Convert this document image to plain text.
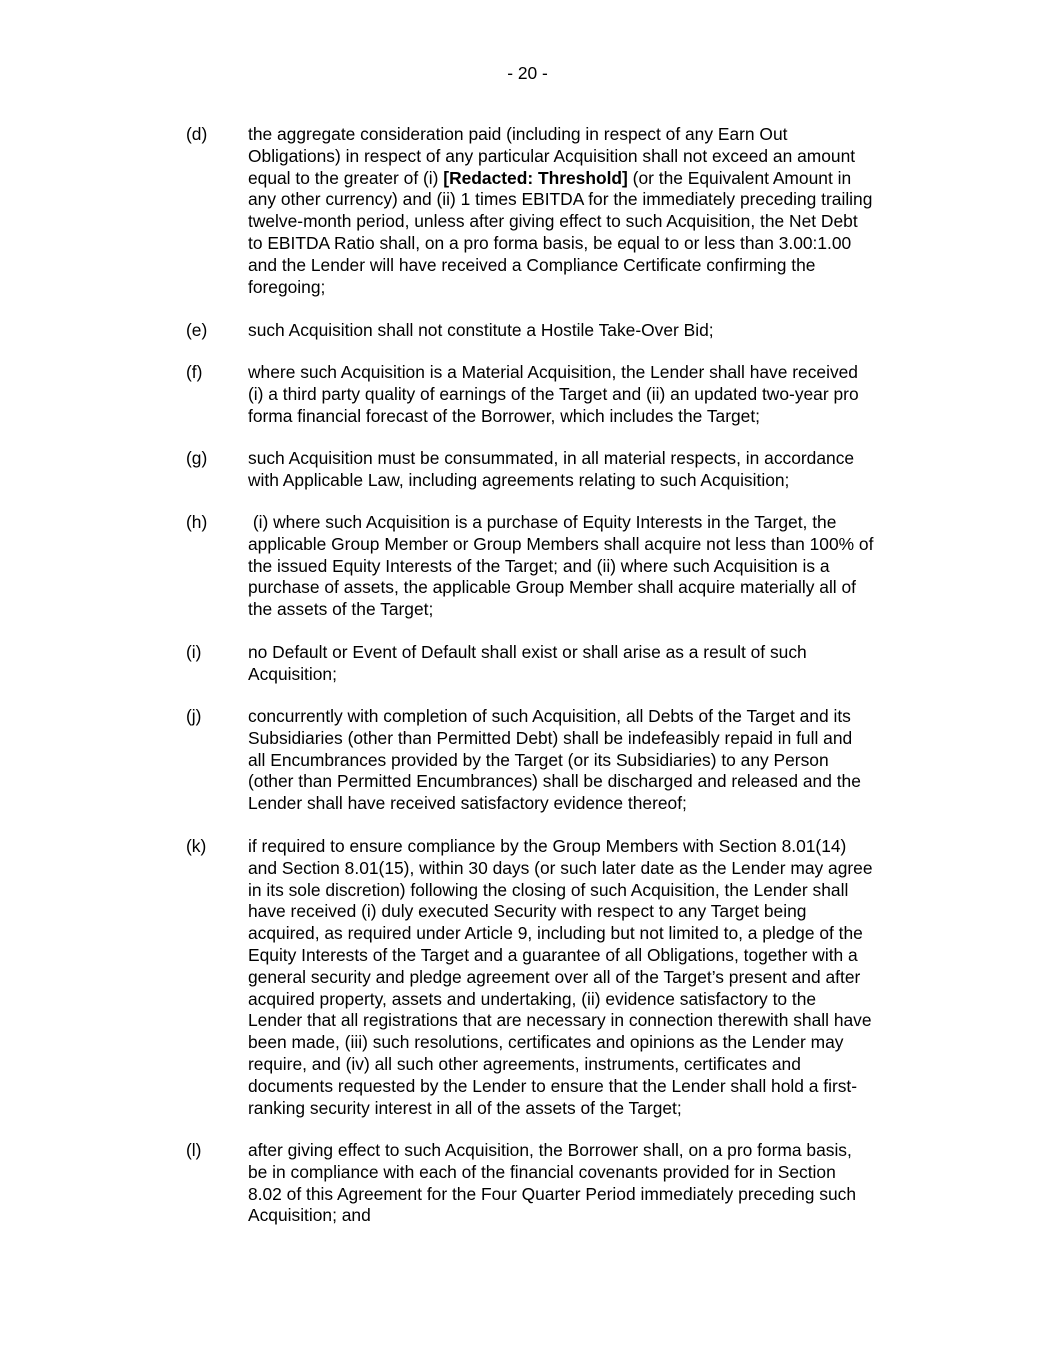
- 20 -
(d)	the aggregate consideration paid (including in respect of any Earn Out
Obligations) in respect of any particular Acquisition shall not exceed an amount
equal to the greater of (i) [Redacted: Threshold] (or the Equivalent Amount in
any other currency) and (ii) 1 times EBITDA for the immediately preceding trailing
twelve-month period, unless after giving effect to such Acquisition, the Net Debt
to EBITDA Ratio shall, on a pro forma basis, be equal to or less than 3.00:1.00
and the Lender will have received a Compliance Certificate confirming the
foregoing;
(e)	such Acquisition shall not constitute a Hostile Take-Over Bid;
(f)	where such Acquisition is a Material Acquisition, the Lender shall have received
(i) a third party quality of earnings of the Target and (ii) an updated two-year pro
forma financial forecast of the Borrower, which includes the Target;
(g)	such Acquisition must be consummated, in all material respects, in accordance
with Applicable Law, including agreements relating to such Acquisition;
(h)	(i) where such Acquisition is a purchase of Equity Interests in the Target, the
applicable Group Member or Group Members shall acquire not less than 100% of
the issued Equity Interests of the Target; and (ii) where such Acquisition is a
purchase of assets, the applicable Group Member shall acquire materially all of
the assets of the Target;
(i)	no Default or Event of Default shall exist or shall arise as a result of such
Acquisition;
(j)	concurrently with completion of such Acquisition, all Debts of the Target and its
Subsidiaries (other than Permitted Debt) shall be indefeasibly repaid in full and
all Encumbrances provided by the Target (or its Subsidiaries) to any Person
(other than Permitted Encumbrances) shall be discharged and released and the
Lender shall have received satisfactory evidence thereof;
(k)	if required to ensure compliance by the Group Members with Section 8.01(14)
and Section 8.01(15), within 30 days (or such later date as the Lender may agree
in its sole discretion) following the closing of such Acquisition, the Lender shall
have received (i) duly executed Security with respect to any Target being
acquired, as required under Article 9, including but not limited to, a pledge of the
Equity Interests of the Target and a guarantee of all Obligations, together with a
general security and pledge agreement over all of the Target’s present and after
acquired property, assets and undertaking, (ii) evidence satisfactory to the
Lender that all registrations that are necessary in connection therewith shall have
been made, (iii) such resolutions, certificates and opinions as the Lender may
require, and (iv) all such other agreements, instruments, certificates and
documents requested by the Lender to ensure that the Lender shall hold a first-
ranking security interest in all of the assets of the Target;
(l)	after giving effect to such Acquisition, the Borrower shall, on a pro forma basis,
be in compliance with each of the financial covenants provided for in Section
8.02 of this Agreement for the Four Quarter Period immediately preceding such
Acquisition; and
